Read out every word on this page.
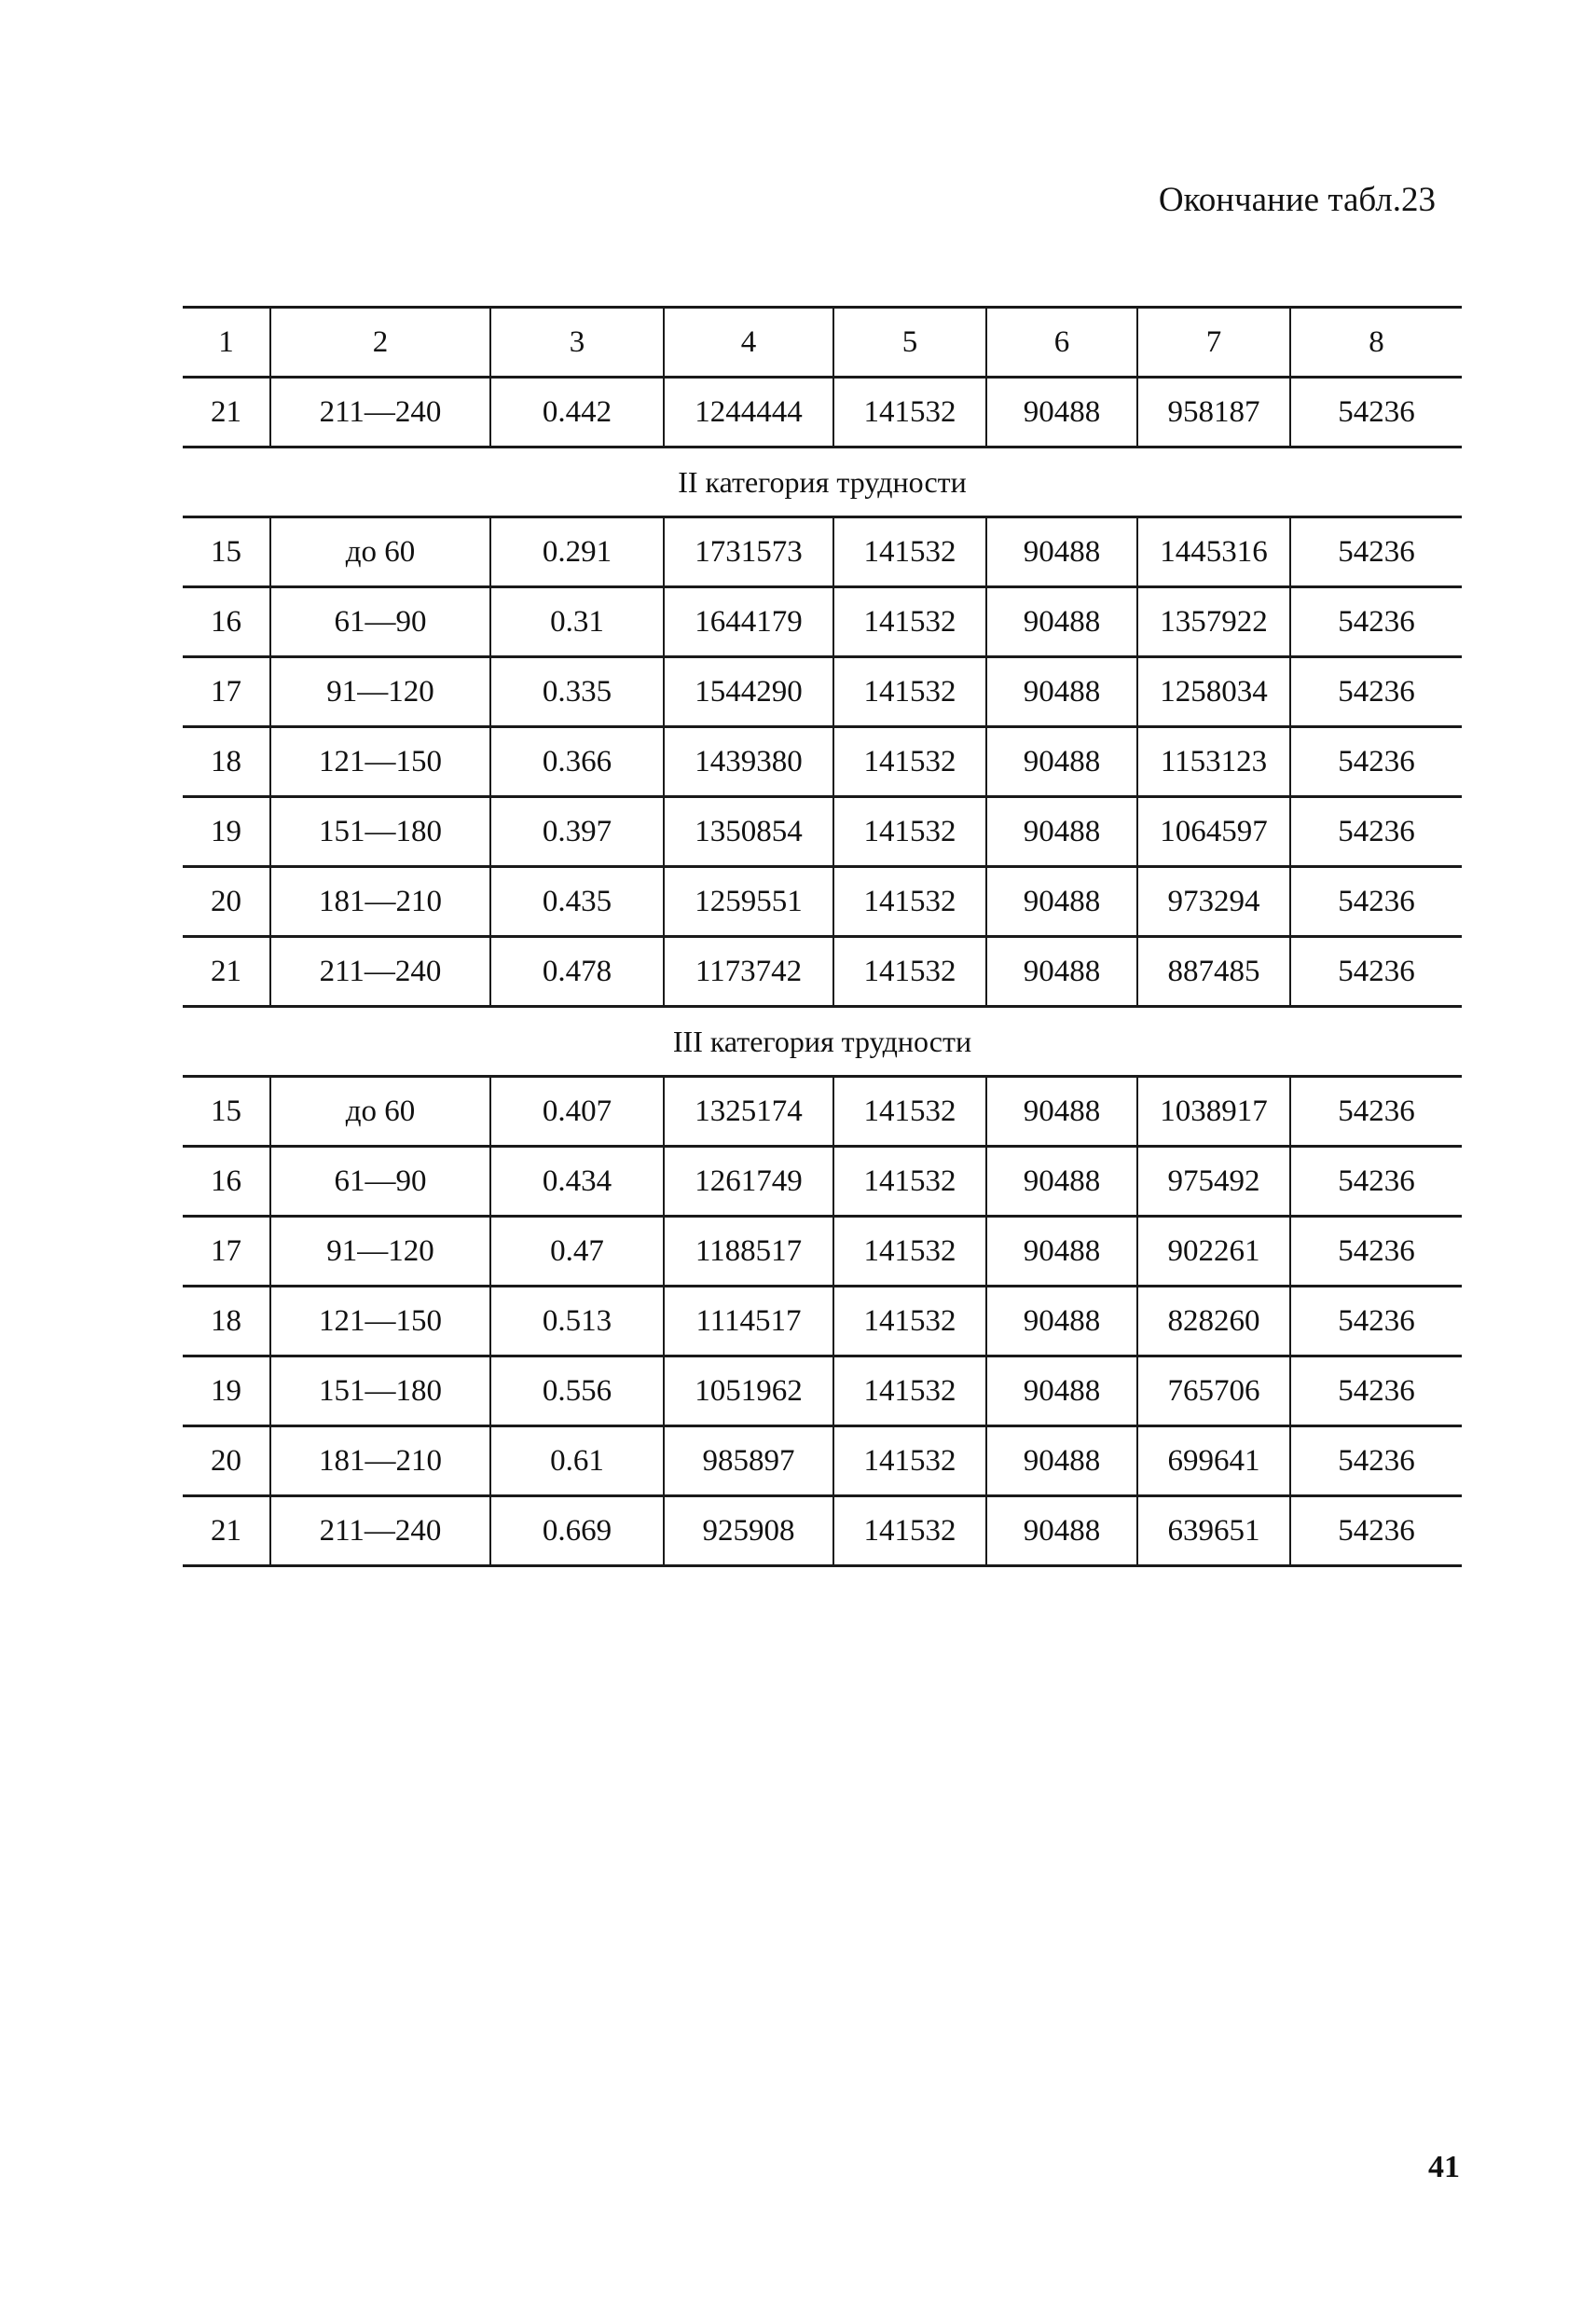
Окончание табл.23
1	2	3	4	5	6	7	8
21	211—240	0.442	1244444	141532	90488	958187	54236
II категория трудности							
15	до 60	0.291	1731573	141532	90488	1445316	54236
16	61—90	0.31	1644179	141532	90488	1357922	54236
17	91—120	0.335	1544290	141532	90488	1258034	54236
18	121—150	0.366	1439380	141532	90488	1153123	54236
19	151—180	0.397	1350854	141532	90488	1064597	54236
20	181—210	0.435	1259551	141532	90488	973294	54236
21	211—240	0.478	1173742	141532	90488	887485	54236
III категория трудности							
15	до 60	0.407	1325174	141532	90488	1038917	54236
16	61—90	0.434	1261749	141532	90488	975492	54236
17	91—120	0.47	1188517	141532	90488	902261	54236
18	121—150	0.513	1114517	141532	90488	828260	54236
19	151—180	0.556	1051962	141532	90488	765706	54236
20	181—210	0.61	985897	141532	90488	699641	54236
21	211—240	0.669	925908	141532	90488	639651	54236
41
